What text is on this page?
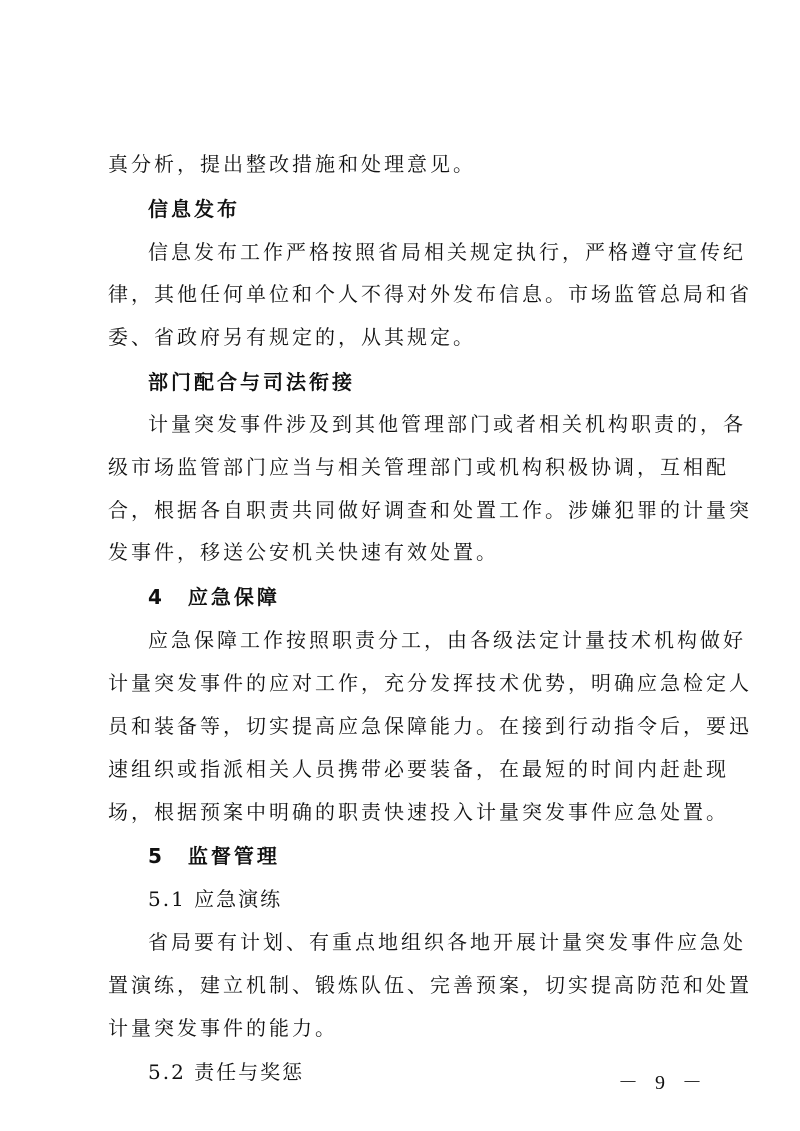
真分析，提出整改措施和处理意见。
信息发布
信息发布工作严格按照省局相关规定执行，严格遵守宣传纪
律，其他任何单位和个人不得对外发布信息。市场监管总局和省
委、省政府另有规定的，从其规定。
部门配合与司法衔接
计量突发事件涉及到其他管理部门或者相关机构职责的，各
级市场监管部门应当与相关管理部门或机构积极协调，互相配
合，根据各自职责共同做好调查和处置工作。涉嫌犯罪的计量突
发事件，移送公安机关快速有效处置。
4　应急保障
应急保障工作按照职责分工，由各级法定计量技术机构做好
计量突发事件的应对工作，充分发挥技术优势，明确应急检定人
员和装备等，切实提高应急保障能力。在接到行动指令后，要迅
速组织或指派相关人员携带必要装备，在最短的时间内赶赴现
场，根据预案中明确的职责快速投入计量突发事件应急处置。
5　监督管理
5.1 应急演练
省局要有计划、有重点地组织各地开展计量突发事件应急处
置演练，建立机制、锻炼队伍、完善预案，切实提高防范和处置
计量突发事件的能力。
5.2 责任与奖惩	－ 9 －
